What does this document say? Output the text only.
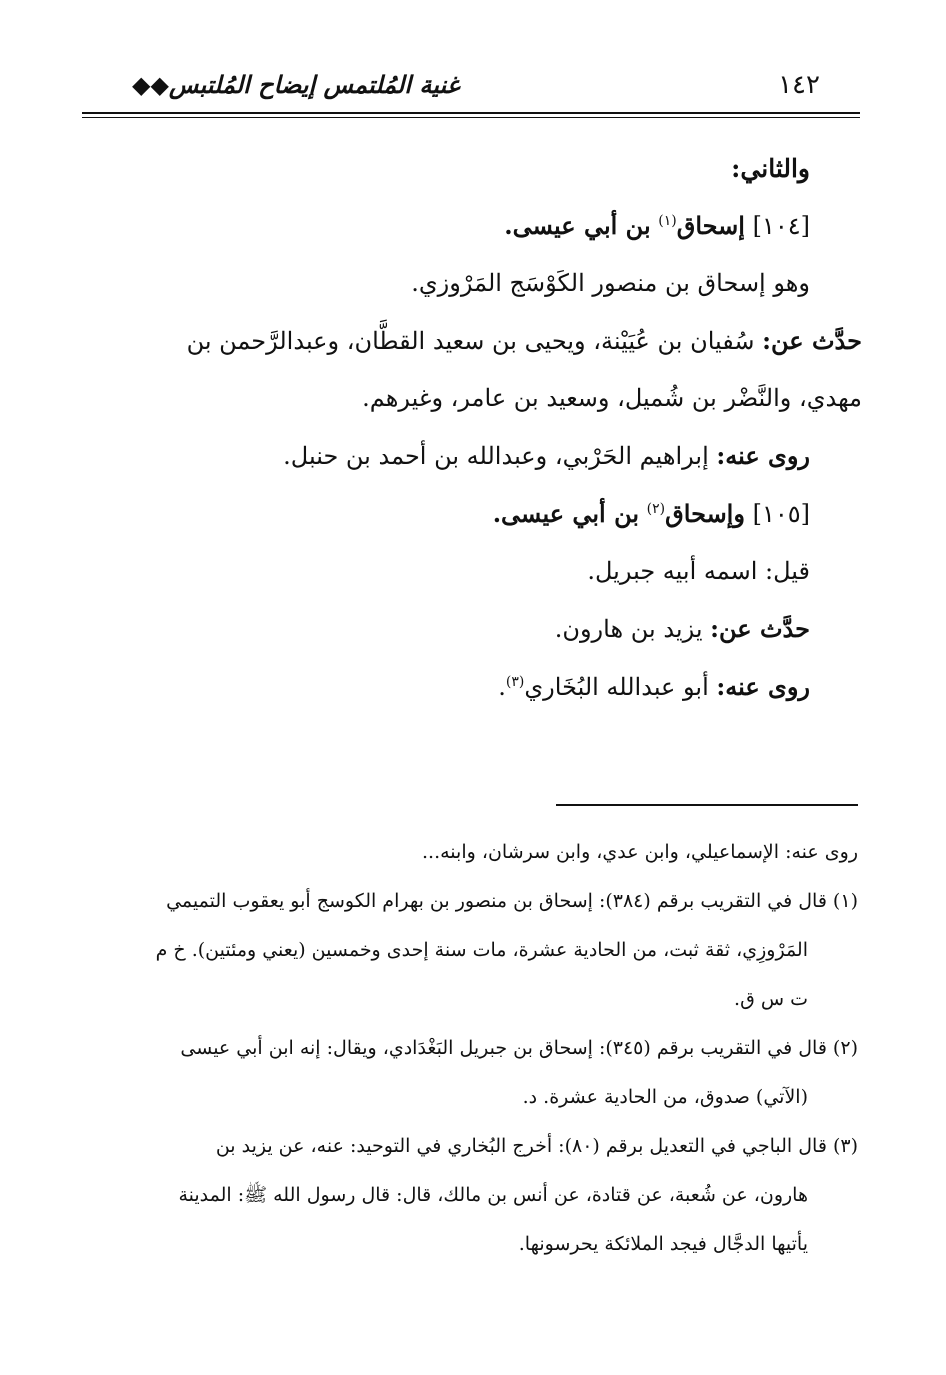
١٤٢
غنية المُلتمس إيضاح المُلتبس◆◆

والثاني:

[١٠٤] إسحاق$^{(١)}$ بن أبي عيسى.

وهو إسحاق بن منصور الكَوْسَج المَرْوزي.

حدَّث عن: سُفيان بن عُيَيْنة، ويحيى بن سعيد القطَّان، وعبدالرَّحمن بن

مهدي، والنَّضْر بن شُميل، وسعيد بن عامر، وغيرهم.

روى عنه: إبراهيم الحَرْبي، وعبدالله بن أحمد بن حنبل.

[١٠٥] وإسحاق$^{(٢)}$ بن أبي عيسى.

قيل: اسمه أبيه جبريل.

حدَّث عن: يزيد بن هارون.

روى عنه: أبو عبدالله البُخَاري$^{(٣)}$.

روى عنه: الإسماعيلي، وابن عدي، وابن سرشان، وابنه...

(١) قال في التقريب برقم (٣٨٤): إسحاق بن منصور بن بهرام الكوسج أبو يعقوب التميمي

المَرْوزِي، ثقة ثبت، من الحادية عشرة، مات سنة إحدى وخمسين (يعني ومئتين). خ م

ت س ق.

(٢) قال في التقريب برقم (٣٤٥): إسحاق بن جبريل البَغْدَادي، ويقال: إنه ابن أبي عيسى

(الآتي) صدوق، من الحادية عشرة. د.

(٣) قال الباجي في التعديل برقم (٨٠): أخرج البُخاري في التوحيد: عنه، عن يزيد بن

هارون، عن شُعبة، عن قتادة، عن أنس بن مالك، قال: قال رسول الله ﷺ: المدينة

يأتيها الدجَّال فيجد الملائكة يحرسونها.
